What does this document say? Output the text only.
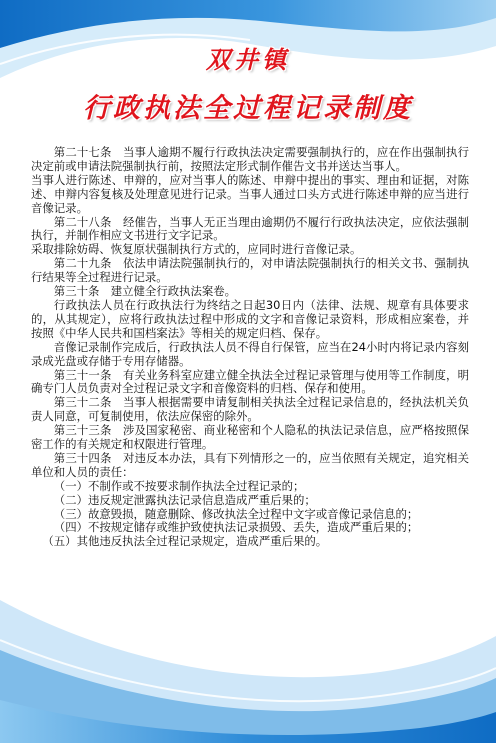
双井镇
行政执法全过程记录制度

第二十七条　当事人逾期不履行行政执法决定需要强制执行的，应在作出强制执行决定前或申请法院强制执行前，按照法定形式制作催告文书并送达当事人。

当事人进行陈述、申辩的，应对当事人的陈述、申辩中提出的事实、理由和证据，对陈述、申辩内容复核及处理意见进行记录。当事人通过口头方式进行陈述申辩的应当进行音像记录。

第二十八条　经催告，当事人无正当理由逾期仍不履行行政执法决定，应依法强制执行，并制作相应文书进行文字记录。

采取排除妨碍、恢复原状强制执行方式的，应同时进行音像记录。

第二十九条　依法申请法院强制执行的，对申请法院强制执行的相关文书、强制执行结果等全过程进行记录。

第三十条　建立健全行政执法案卷。

行政执法人员在行政执法行为终结之日起30日内（法律、法规、规章有具体要求的，从其规定），应将行政执法过程中形成的文字和音像记录资料，形成相应案卷，并按照《中华人民共和国档案法》等相关的规定归档、保存。

音像记录制作完成后，行政执法人员不得自行保管，应当在24小时内将记录内容刻录成光盘或存储于专用存储器。

第三十一条　有关业务科室应建立健全执法全过程记录管理与使用等工作制度，明确专门人员负责对全过程记录文字和音像资料的归档、保存和使用。

第三十二条　当事人根据需要申请复制相关执法全过程记录信息的，经执法机关负责人同意，可复制使用，依法应保密的除外。

第三十三条　涉及国家秘密、商业秘密和个人隐私的执法记录信息，应严格按照保密工作的有关规定和权限进行管理。

第三十四条　对违反本办法，具有下列情形之一的，应当依照有关规定，追究相关单位和人员的责任：

（一）不制作或不按要求制作执法全过程记录的；

（二）违反规定泄露执法记录信息造成严重后果的；

（三）故意毁损，随意删除、修改执法全过程中文字或音像记录信息的；

（四）不按规定储存或维护致使执法记录损毁、丢失，造成严重后果的；

（五）其他违反执法全过程记录规定，造成严重后果的。
